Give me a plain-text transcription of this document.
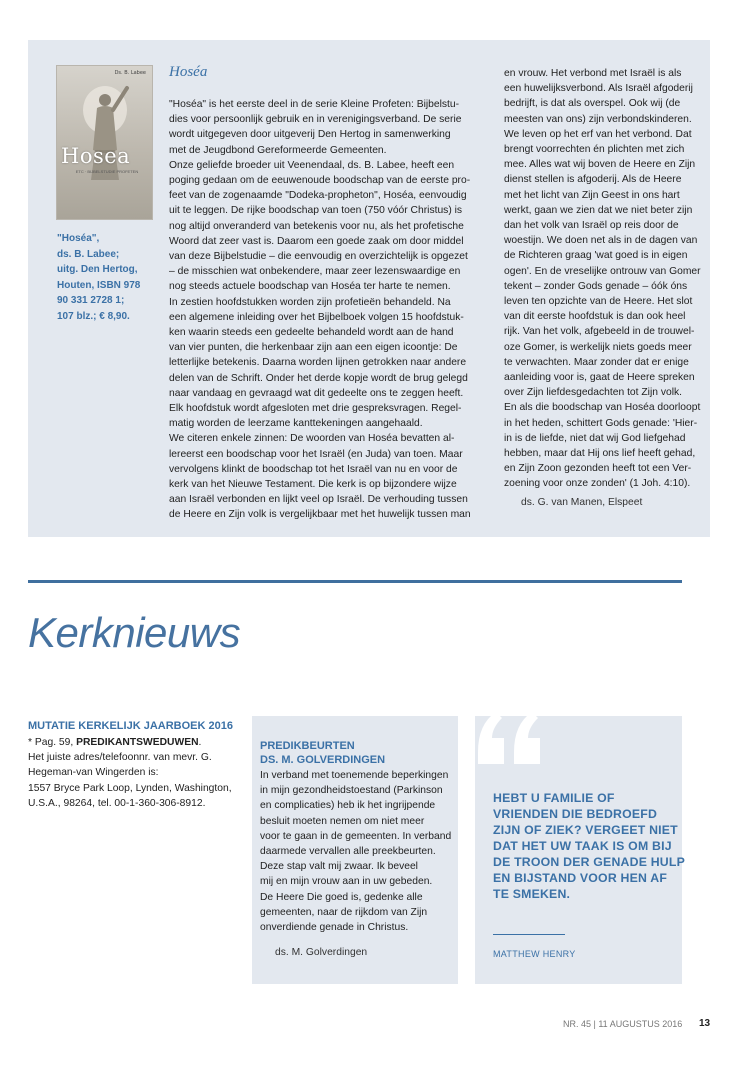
Ds. B. Labee
Hosea
ETC · BIJBELSTUDIE PROFETEN
"Hoséa",
ds. B. Labee;
uitg. Den Hertog,
Houten, ISBN 978
90 331 2728 1;
107 blz.; € 8,90.
Hoséa
"Hoséa" is het eerste deel in de serie Kleine Profeten: Bijbelstu-
dies voor persoonlijk gebruik en in verenigingsverband. De serie
wordt uitgegeven door uitgeverij Den Hertog in samenwerking
met de Jeugdbond Gereformeerde Gemeenten.
Onze geliefde broeder uit Veenendaal, ds. B. Labee, heeft een
poging gedaan om de eeuwenoude boodschap van de eerste pro-
feet van de zogenaamde "Dodeka-propheton", Hoséa, eenvoudig
uit te leggen. De rijke boodschap van toen (750 vóór Christus) is
nog altijd onveranderd van betekenis voor nu, als het profetische
Woord dat zeer vast is. Daarom een goede zaak om door middel
van deze Bijbelstudie – die eenvoudig en overzichtelijk is opgezet
– de misschien wat onbekendere, maar zeer lezenswaardige en
nog steeds actuele boodschap van Hoséa ter harte te nemen.
In zestien hoofdstukken worden zijn profetieën behandeld. Na
een algemene inleiding over het Bijbelboek volgen 15 hoofdstuk-
ken waarin steeds een gedeelte behandeld wordt aan de hand
van vier punten, die herkenbaar zijn aan een eigen icoontje: De
letterlijke betekenis. Daarna worden lijnen getrokken naar andere
delen van de Schrift. Onder het derde kopje wordt de brug gelegd
naar vandaag en gevraagd wat dit gedeelte ons te zeggen heeft.
Elk hoofdstuk wordt afgesloten met drie gespreksvragen. Regel-
matig worden de leerzame kanttekeningen aangehaald.
We citeren enkele zinnen: De woorden van Hoséa bevatten al-
lereerst een boodschap voor het Israël (en Juda) van toen. Maar
vervolgens klinkt de boodschap tot het Israël van nu en voor de
kerk van het Nieuwe Testament. Die kerk is op bijzondere wijze
aan Israël verbonden en lijkt veel op Israël. De verhouding tussen
de Heere en Zijn volk is vergelijkbaar met het huwelijk tussen man
en vrouw. Het verbond met Israël is als
een huwelijksverbond. Als Israël afgoderij
bedrijft, is dat als overspel. Ook wij (de
meesten van ons) zijn verbondskinderen.
We leven op het erf van het verbond. Dat
brengt voorrechten én plichten met zich
mee. Alles wat wij boven de Heere en Zijn
dienst stellen is afgoderij. Als de Heere
met het licht van Zijn Geest in ons hart
werkt, gaan we zien dat we niet beter zijn
dan het volk van Israël op reis door de
woestijn. We doen net als in de dagen van
de Richteren graag 'wat goed is in eigen
ogen'. En de vreselijke ontrouw van Gomer
tekent – zonder Gods genade – óók óns
leven ten opzichte van de Heere. Het slot
van dit eerste hoofdstuk is dan ook heel
rijk. Van het volk, afgebeeld in de trouwel-
oze Gomer, is werkelijk niets goeds meer
te verwachten. Maar zonder dat er enige
aanleiding voor is, gaat de Heere spreken
over Zijn liefdesgedachten tot Zijn volk.
En als die boodschap van Hoséa doorloopt
in het heden, schittert Gods genade: 'Hier-
in is de liefde, niet dat wij God liefgehad
hebben, maar dat Hij ons lief heeft gehad,
en Zijn Zoon gezonden heeft tot een Ver-
zoening voor onze zonden' (1 Joh. 4:10).
ds. G. van Manen, Elspeet
Kerknieuws
MUTATIE KERKELIJK JAARBOEK 2016
* Pag. 59, PREDIKANTSWEDUWEN.
Het juiste adres/telefoonnr. van mevr. G.
Hegeman-van Wingerden is:
1557 Bryce Park Loop, Lynden, Washington,
U.S.A., 98264, tel. 00-1-360-306-8912.
PREDIKBEURTEN
DS. M. GOLVERDINGEN
In verband met toenemende beperkingen
in mijn gezondheidstoestand (Parkinson
en complicaties) heb ik het ingrijpende
besluit moeten nemen om niet meer
voor te gaan in de gemeenten. In verband
daarmede vervallen alle preekbeurten.
Deze stap valt mij zwaar. Ik beveel
mij en mijn vrouw aan in uw gebeden.
De Heere Die goed is, gedenke alle
gemeenten, naar de rijkdom van Zijn
onverdiende genade in Christus.
ds. M. Golverdingen
HEBT U FAMILIE OF
VRIENDEN DIE BEDROEFD
ZIJN OF ZIEK? VERGEET NIET
DAT HET UW TAAK IS OM BIJ
DE TROON DER GENADE HULP
EN BIJSTAND VOOR HEN AF
TE SMEKEN.
MATTHEW HENRY
NR. 45 | 11 AUGUSTUS 2016 13
